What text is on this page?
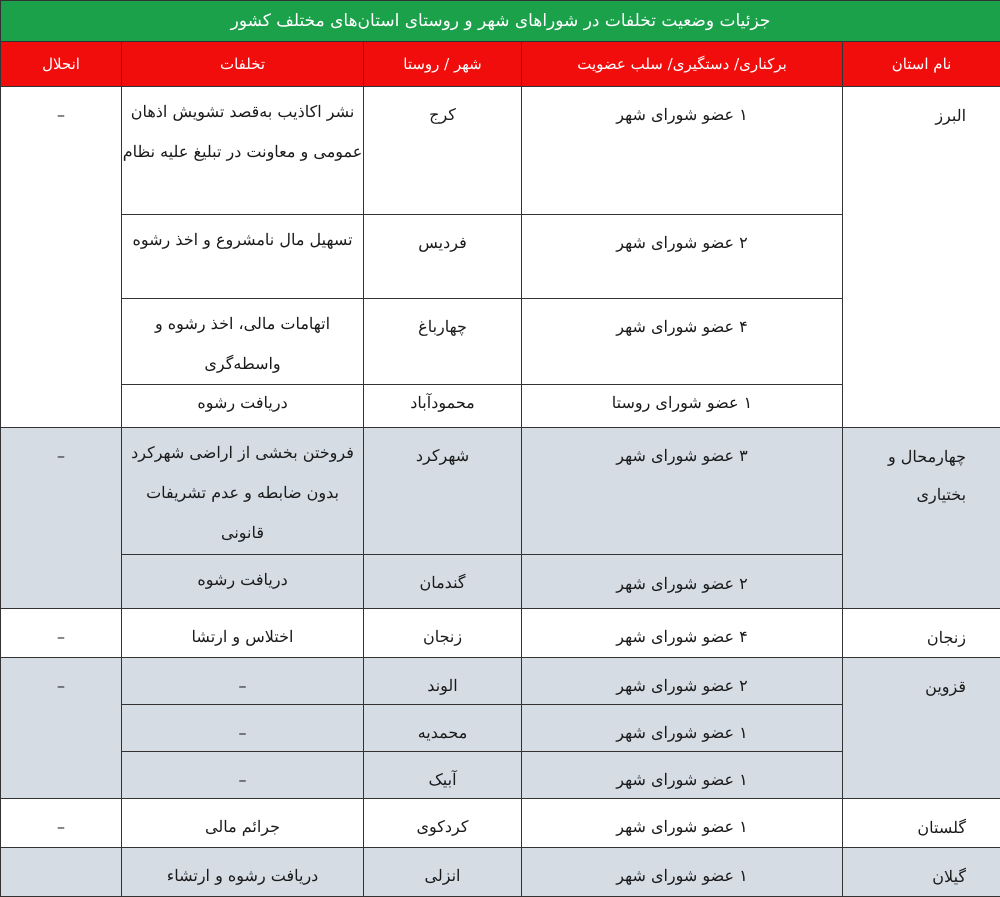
جزئیات وضعیت تخلفات در شوراهای شهر و روستای استان‌های مختلف کشور				
نام استان	برکناری/ دستگیری/ سلب عضویت	شهر / روستا	تخلفات	انحلال
البرز	۱ عضو شورای شهر	کرج	نشر اکاذیب به‌قصد تشویش اذهان عمومی و معاونت در تبلیغ علیه نظام	–
	۲ عضو شورای شهر	فردیس	تسهیل مال نامشروع و اخذ رشوه	
	۴ عضو شورای شهر	چهارباغ	اتهامات مالی، اخذ رشوه و واسطه‌گری	
	۱ عضو شورای روستا	محمودآباد	دریافت رشوه	
چهارمحال و بختیاری	۳ عضو شورای شهر	شهرکرد	فروختن بخشی از اراضی شهرکرد بدون ضابطه و عدم تشریفات قانونی	–
	۲ عضو شورای شهر	گندمان	دریافت رشوه	
زنجان	۴ عضو شورای شهر	زنجان	اختلاس و ارتشا	–
قزوین	۲ عضو شورای شهر	الوند	–	–
	۱ عضو شورای شهر	محمدیه	–	
	۱ عضو شورای شهر	آبیک	–	
گلستان	۱ عضو شورای شهر	کردکوی	جرائم مالی	–
گیلان	۱ عضو شورای شهر	انزلی	دریافت رشوه و ارتشاء	
